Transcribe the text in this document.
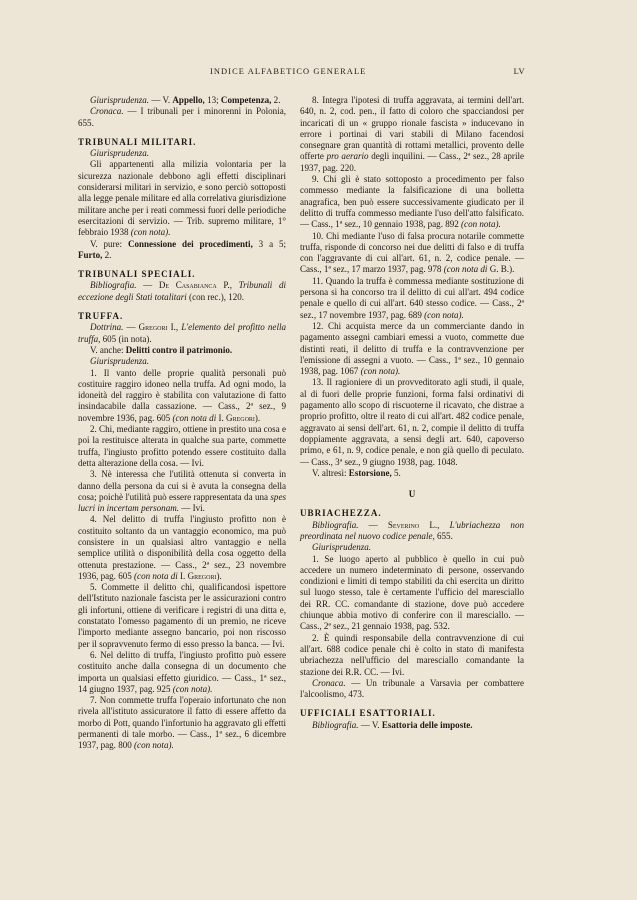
INDICE ALFABETICO GENERALE	LV

Giurisprudenza. — V. Appello, 13; Competenza, 2.

Cronaca. — I tribunali per i minorenni in Polonia, 655.

TRIBUNALI MILITARI.

Giurisprudenza.

Gli appartenenti alla milizia volontaria per la sicurezza nazionale debbono agli effetti disciplinari considerarsi militari in servizio, e sono perciò sottoposti alla legge penale militare ed alla correlativa giurisdizione militare anche per i reati commessi fuori delle periodiche esercitazioni di servizio. — Trib. supremo militare, 1° febbraio 1938 (con nota).

V. pure: Connessione dei procedimenti, 3 a 5; Furto, 2.

TRIBUNALI SPECIALI.

Bibliografia. — De Casabianca P., Tribunali di eccezione degli Stati totalitari (con rec.), 120.

TRUFFA.

Dottrina. — Gregori I., L'elemento del profitto nella truffa, 605 (in nota).

V. anche: Delitti contro il patrimonio.

Giurisprudenza.

1. Il vanto delle proprie qualità personali può costituire raggiro idoneo nella truffa. Ad ogni modo, la idoneità del raggiro è stabilita con valutazione di fatto insindacabile dalla cassazione. — Cass., 2ª sez., 9 novembre 1936, pag. 605 (con nota di I. Gregori).

2. Chi, mediante raggiro, ottiene in prestito una cosa e poi la restituisce alterata in qualche sua parte, commette truffa, l'ingiusto profitto potendo essere costituito dalla detta alterazione della cosa. — Ivi.

3. Nè interessa che l'utilità ottenuta si converta in danno della persona da cui si è avuta la consegna della cosa; poichè l'utilità può essere rappresentata da una spes lucri in incertam personam. — Ivi.

4. Nel delitto di truffa l'ingiusto profitto non è costituito soltanto da un vantaggio economico, ma può consistere in un qualsiasi altro vantaggio e nella semplice utilità o disponibilità della cosa oggetto della ottenuta prestazione. — Cass., 2ª sez., 23 novembre 1936, pag. 605 (con nota di I. Gregori).

5. Commette il delitto chi, qualificandosi ispettore dell'Istituto nazionale fascista per le assicurazioni contro gli infortuni, ottiene di verificare i registri di una ditta e, constatato l'omesso pagamento di un premio, ne riceve l'importo mediante assegno bancario, poi non riscosso per il sopravvenuto fermo di esso presso la banca. — Ivi.

6. Nel delitto di truffa, l'ingiusto profitto può essere costituito anche dalla consegna di un documento che importa un qualsiasi effetto giuridico. — Cass., 1ª sez., 14 giugno 1937, pag. 925 (con nota).

7. Non commette truffa l'operaio infortunato che non rivela all'istituto assicuratore il fatto di essere affetto da morbo di Pott, quando l'infortunio ha aggravato gli effetti permanenti di tale morbo. — Cass., 1ª sez., 6 dicembre 1937, pag. 800 (con nota).

8. Integra l'ipotesi di truffa aggravata, ai termini dell'art. 640, n. 2, cod. pen., il fatto di coloro che spacciandosi per incaricati di un « gruppo rionale fascista » inducevano in errore i portinai di vari stabili di Milano facendosi consegnare gran quantità di rottami metallici, provento delle offerte pro aerario degli inquilini. — Cass., 2ª sez., 28 aprile 1937, pag. 220.

9. Chi gli è stato sottoposto a procedimento per falso commesso mediante la falsificazione di una bolletta anagrafica, ben può essere successivamente giudicato per il delitto di truffa commesso mediante l'uso dell'atto falsificato. — Cass., 1ª sez., 10 gennaio 1938, pag. 892 (con nota).

10. Chi mediante l'uso di falsa procura notarile commette truffa, risponde di concorso nei due delitti di falso e di truffa con l'aggravante di cui all'art. 61, n. 2, codice penale. — Cass., 1ª sez., 17 marzo 1937, pag. 978 (con nota di G. B.).

11. Quando la truffa è commessa mediante sostituzione di persona si ha concorso tra il delitto di cui all'art. 494 codice penale e quello di cui all'art. 640 stesso codice. — Cass., 2ª sez., 17 novembre 1937, pag. 689 (con nota).

12. Chi acquista merce da un commerciante dando in pagamento assegni cambiari emessi a vuoto, commette due distinti reati, il delitto di truffa e la contravvenzione per l'emissione di assegni a vuoto. — Cass., 1ª sez., 10 gennaio 1938, pag. 1067 (con nota).

13. Il ragioniere di un provveditorato agli studi, il quale, al di fuori delle proprie funzioni, forma falsi ordinativi di pagamento allo scopo di riscuoterne il ricavato, che distrae a proprio profitto, oltre il reato di cui all'art. 482 codice penale, aggravato ai sensi dell'art. 61, n. 2, compie il delitto di truffa doppiamente aggravata, a sensi degli art. 640, capoverso primo, e 61, n. 9, codice penale, e non già quello di peculato.— Cass., 3ª sez., 9 giugno 1938, pag. 1048.

V. altresì: Estorsione, 5.

U

UBRIACHEZZA.

Bibliografia. — Severino L., L'ubriachezza non preordinata nel nuovo codice penale, 655.

Giurisprudenza.

1. Se luogo aperto al pubblico è quello in cui può accedere un numero indeterminato di persone, osservando condizioni e limiti di tempo stabiliti da chi esercita un diritto sul luogo stesso, tale è certamente l'ufficio del maresciallo dei RR. CC. comandante di stazione, dove può accedere chiunque abbia motivo di conferire con il maresciallo. — Cass., 2ª sez., 21 gennaio 1938, pag. 532.

2. È quindi responsabile della contravvenzione di cui all'art. 688 codice penale chi è colto in stato di manifesta ubriachezza nell'ufficio del maresciallo comandante la stazione dei R.R. CC. — Ivi.

Cronaca. — Un tribunale a Varsavia per combattere l'alcoolismo, 473.

UFFICIALI ESATTORIALI.

Bibliografia. — V. Esattoria delle imposte.
